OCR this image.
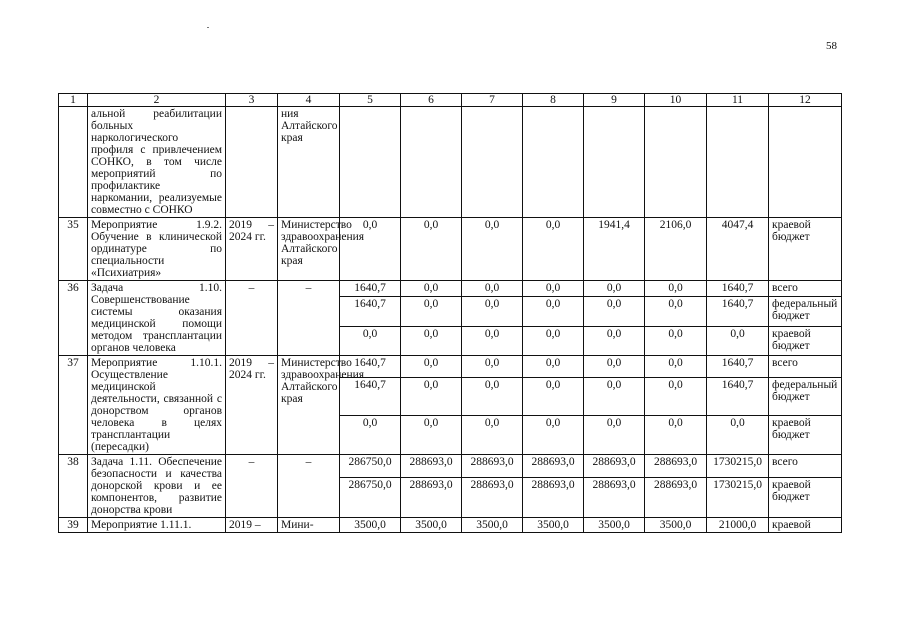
58
1	2	3	4	5	6	7	8	9	10	11	12
	альной реабилитации больных наркологического профиля с привлечением СОНКО, в том числе мероприятий по профилактике наркомании, реализуемые совместно с СОНКО		ния Алтайского края								
35	Мероприятие 1.9.2. Обучение в клинической ординатуре по специальности «Психиатрия»	2019 – 2024 гг.	Министерство здравоохранения Алтайского края	0,0	0,0	0,0	0,0	1941,4	2106,0	4047,4	краевой бюджет
36	Задача 1.10. Совершенствование системы оказания медицинской помощи методом трансплантации органов человека	–	–	1640,7	0,0	0,0	0,0	0,0	0,0	1640,7	всего
				1640,7	0,0	0,0	0,0	0,0	0,0	1640,7	федеральный бюджет
				0,0	0,0	0,0	0,0	0,0	0,0	0,0	краевой бюджет
37	Мероприятие 1.10.1. Осуществление медицинской деятельности, связанной с донорством органов человека в целях трансплантации (пересадки)	2019 – 2024 гг.	Министерство здравоохранения Алтайского края	1640,7	0,0	0,0	0,0	0,0	0,0	1640,7	всего
				1640,7	0,0	0,0	0,0	0,0	0,0	1640,7	федеральный бюджет
				0,0	0,0	0,0	0,0	0,0	0,0	0,0	краевой бюджет
38	Задача 1.11. Обеспечение безопасности и качества донорской крови и ее компонентов, развитие донорства крови	–	–	286750,0	288693,0	288693,0	288693,0	288693,0	288693,0	1730215,0	всего
				286750,0	288693,0	288693,0	288693,0	288693,0	288693,0	1730215,0	краевой бюджет
39	Мероприятие 1.11.1.	2019 –	Мини-	3500,0	3500,0	3500,0	3500,0	3500,0	3500,0	21000,0	краевой
